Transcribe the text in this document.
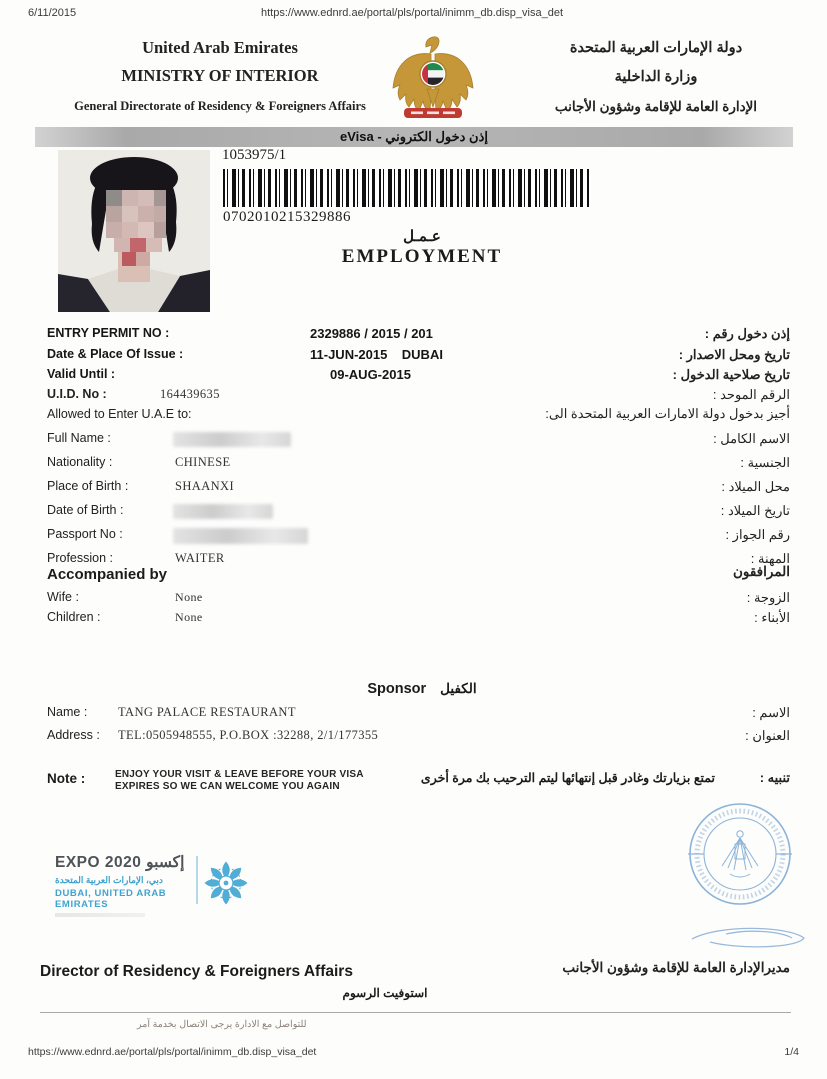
6/11/2015	https://www.ednrd.ae/portal/pls/portal/inimm_db.disp_visa_det
United Arab Emirates
MINISTRY OF INTERIOR
General Directorate of Residency & Foreigners Affairs
دولة الإمارات العربية المتحدة
وزارة الداخلية
الإدارة العامة للإقامة وشؤون الأجانب
eVisa - إذن دخول الكتروني
1053975/1
0702010215329886
عـمـل
EMPLOYMENT
ENTRY PERMIT NO :	2329886 / 2015 / 201	إذن دخول رقم :
Date & Place Of Issue :	11-JUN-2015    DUBAI	تاريخ ومحل الاصدار :
Valid Until :	09-AUG-2015	تاريخ صلاحية الدخول :
U.I.D. No :	164439635	الرقم الموحد :
Allowed to Enter U.A.E to:	أجيز بدخول دولة الامارات العربية المتحدة الى:
Full Name :	الاسم الكامل :
Nationality :	CHINESE	الجنسية :
Place of Birth :	SHAANXI	محل الميلاد :
Date of Birth :	تاريخ الميلاد :
Passport No :	رقم الجواز :
Profession :	WAITER	المهنة :
Accompanied by	المرافقون
Wife :	None	الزوجة :
Children :	None	الأبناء :
Sponsor الكفيل
Name : TANG PALACE RESTAURANT	الاسم :
Address : TEL:0505948555, P.O.BOX :32288, 2/1/177355	العنوان :
Note :	ENJOY YOUR VISIT & LEAVE BEFORE YOUR VISA
EXPIRES SO WE CAN WELCOME YOU AGAIN
تمتع بزيارتك وغادر قبل إنتهائها ليتم الترحيب بك مرة أخرى	تنبيه :
EXPO 2020 إكسبو
دبي، الإمارات العربية المتحدة
DUBAI, UNITED ARAB EMIRATES
Director of Residency & Foreigners Affairs	مديرالإدارة العامة للإقامة وشؤون الأجانب
استوفيت الرسوم
للتواصل مع الادارة يرجى الاتصال بخدمة آمر
https://www.ednrd.ae/portal/pls/portal/inimm_db.disp_visa_det	1/4
